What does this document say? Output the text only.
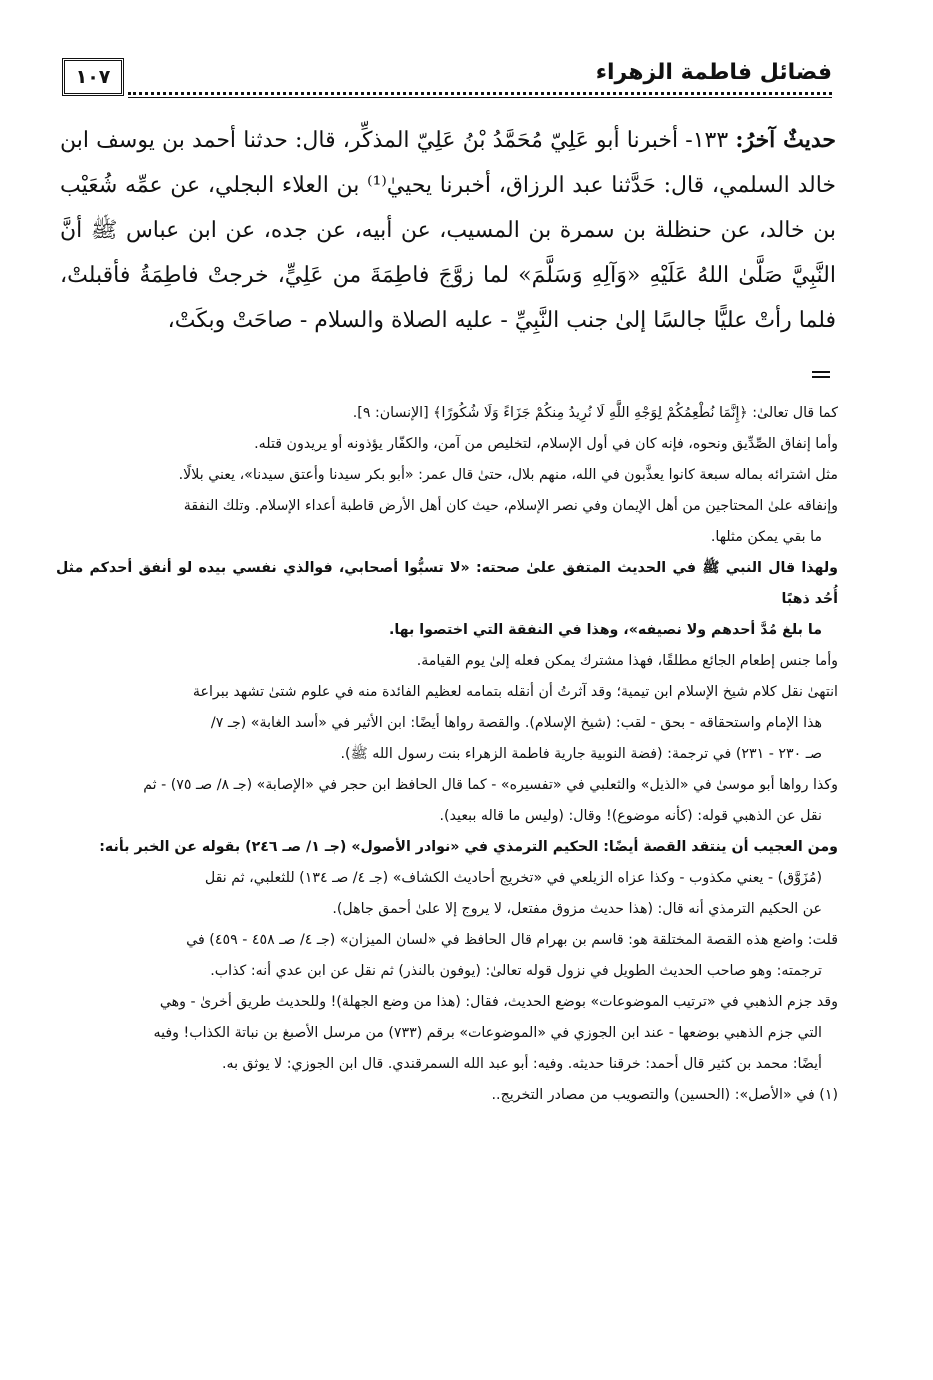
١٠٧	فضائل فاطمة الزهراء

حديثٌ آخرُ: ١٣٣- أخبرنا أبو عَلِيّ مُحَمَّدُ بْنُ عَلِيّ المذكِّر، قال: حدثنا أحمد بن يوسف ابن خالد السلمي، قال: حَدَّثنا عبد الرزاق، أخبرنا يحييٰ⁽¹⁾ بن العلاء البجلي، عن عمِّه شُعَيْب بن خالد، عن حنظلة بن سمرة بن المسيب، عن أبيه، عن جده، عن ابن عباس ﷺ أنَّ النَّبِيَّ صَلَّىٰ اللهُ عَلَيْهِ «وَآلِهِ وَسَلَّمَ» لما زوَّجَ فاطِمَةَ من عَلِيٍّ، خرجتْ فاطِمَةُ فأقبلتْ، فلما رأتْ عليًّا جالسًا إلىٰ جنب النَّبِيِّ - عليه الصلاة والسلام - صاحَتْ وبكَتْ،

كما قال تعالىٰ: ﴿إِنَّمَا نُطْعِمُكُمْ لِوَجْهِ اللَّهِ لَا نُرِيدُ مِنكُمْ جَزَاءً وَلَا شُكُورًا﴾ [الإنسان: ٩].

وأما إنفاق الصِّدِّيق ونحوه، فإنه كان في أول الإسلام، لتخليص من آمن، والكفّار يؤذونه أو يريدون قتله.

مثل اشترائه بماله سبعة كانوا يعذَّبون في الله، منهم بلال، حتىٰ قال عمر: «أبو بكر سيدنا وأعتق سيدنا»، يعني بلالًا.

وإنفاقه علىٰ المحتاجين من أهل الإيمان وفي نصر الإسلام، حيث كان أهل الأرض قاطبة أعداء الإسلام. وتلك النفقة

ما بقي يمكن مثلها.

ولهذا قال النبي ﷺ في الحديث المتفق علىٰ صحته: «لا تسبُّوا أصحابي، فوالذي نفسي بيده لو أنفق أحدكم مثل أُحُد ذهبًا

ما بلغ مُدَّ أحدهم ولا نصيفه»، وهذا في النفقة التي اختصوا بها.

وأما جنس إطعام الجائع مطلقًا، فهذا مشترك يمكن فعله إلىٰ يوم القيامة.

انتهىٰ نقل كلام شيخ الإسلام ابن تيمية؛ وقد آثرتُ أن أنقله بتمامه لعظيم الفائدة منه في علوم شتىٰ تشهد ببراعة

هذا الإمام واستحقاقه - بحق - لقب: (شيخ الإسلام). والقصة رواها أيضًا: ابن الأثير في «أسد الغابة» (جـ ٧/

صـ ٢٣٠ - ٢٣١) في ترجمة: (فضة النوبية جارية فاطمة الزهراء بنت رسول الله ﷺ).

وكذا رواها أبو موسىٰ في «الذيل» والثعلبي في «تفسيره» - كما قال الحافظ ابن حجر في «الإصابة» (جـ ٨/ صـ ٧٥) - ثم

نقل عن الذهبي قوله: (كأنه موضوع)! وقال: (وليس ما قاله ببعيد).

ومن العجيب أن ينتقد القصة أيضًا: الحكيم الترمذي في «نوادر الأصول» (جـ ١/ صـ ٢٤٦) بقوله عن الخبر بأنه:

(مُزَوَّق) - يعني مكذوب - وكذا عزاه الزيلعي في «تخريج أحاديث الكشاف» (جـ ٤/ صـ ١٣٤) للثعلبي، ثم نقل

عن الحكيم الترمذي أنه قال: (هذا حديث مزوق مفتعل، لا يروج إلا علىٰ أحمق جاهل).

قلت: واضع هذه القصة المختلقة هو: قاسم بن بهرام قال الحافظ في «لسان الميزان» (جـ ٤/ صـ ٤٥٨ - ٤٥٩) في

ترجمته: وهو صاحب الحديث الطويل في نزول قوله تعالىٰ: (يوفون بالنذر) ثم نقل عن ابن عدي أنه: كذاب.

وقد جزم الذهبي في «ترتيب الموضوعات» بوضع الحديث، فقال: (هذا من وضع الجهلة)! وللحديث طريق أخرىٰ - وهي

التي جزم الذهبي بوضعها - عند ابن الجوزي في «الموضوعات» برقم (٧٣٣) من مرسل الأصبغ بن نباتة الكذاب! وفيه

أيضًا: محمد بن كثير قال أحمد: خرقنا حديثه. وفيه: أبو عبد الله السمرقندي. قال ابن الجوزي: لا يوثق به.

(١) في «الأصل»: (الحسين) والتصويب من مصادر التخريج..
